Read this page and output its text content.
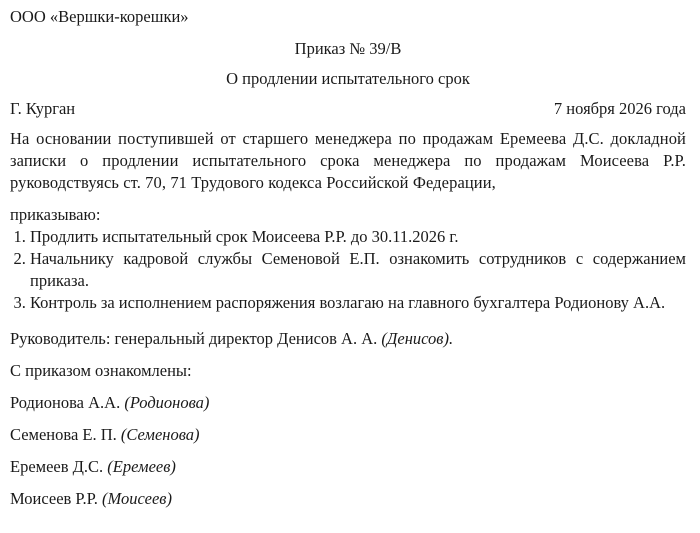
ООО «Вершки-корешки»
Приказ № 39/В
О продлении испытательного срок
Г. Курган	7 ноября 2026 года
На основании поступившей от старшего менеджера по продажам Еремеева Д.С. докладной записки о продлении испытательного срока менеджера по продажам Моисеева Р.Р. руководствуясь ст. 70, 71 Трудового кодекса Российской Федерации,
приказываю:
1. Продлить испытательный срок Моисеева Р.Р. до 30.11.2026 г.
2. Начальнику кадровой службы Семеновой Е.П. ознакомить сотрудников с содержанием приказа.
3. Контроль за исполнением распоряжения возлагаю на главного бухгалтера Родионову А.А.
Руководитель: генеральный директор Денисов А. А. (Денисов).
С приказом ознакомлены:
Родионова А.А. (Родионова)
Семенова Е. П. (Семенова)
Еремеев Д.С. (Еремеев)
Моисеев Р.Р. (Моисеев)
